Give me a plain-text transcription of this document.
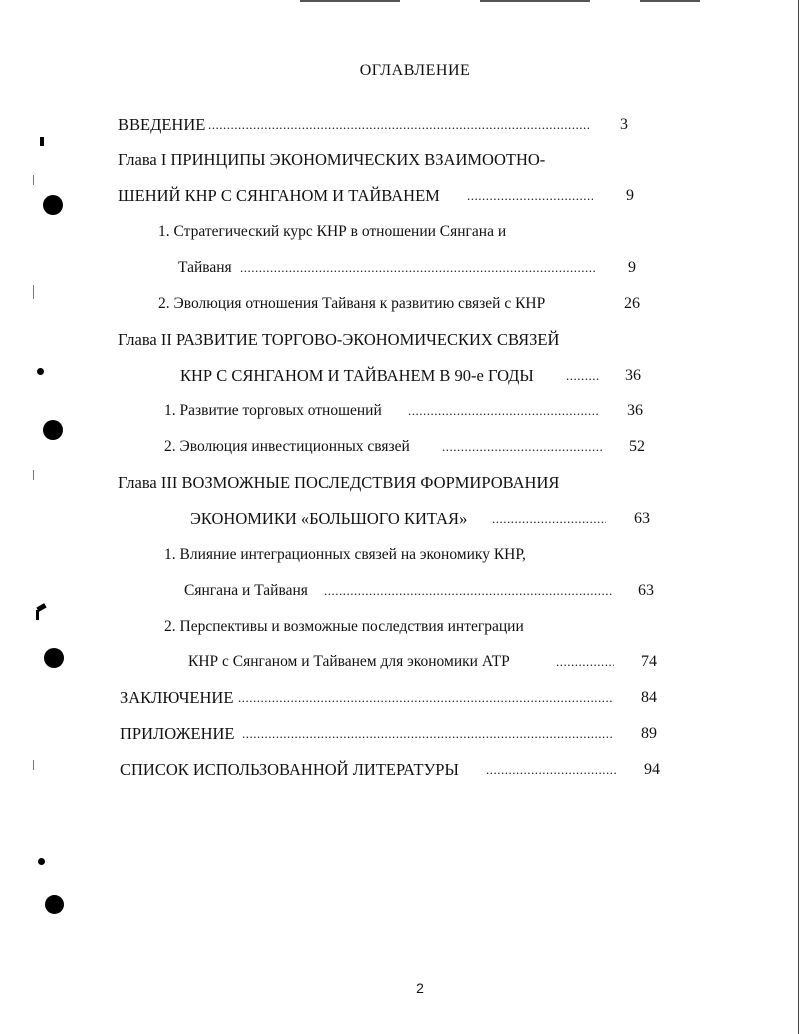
ОГЛАВЛЕНИЕ
ВВЕДЕНИЕ .....	3
Глава I ПРИНЦИПЫ ЭКОНОМИЧЕСКИХ ВЗАИМООТНО-
ШЕНИЙ КНР С СЯНГАНОМ И ТАЙВАНЕМ .....	9
1. Стратегический курс КНР в отношении Сянгана и
Тайваня .....	9
2. Эволюция отношения Тайваня к развитию связей с КНР	26
Глава II РАЗВИТИЕ ТОРГОВО-ЭКОНОМИЧЕСКИХ СВЯЗЕЙ
КНР С СЯНГАНОМ И ТАЙВАНЕМ В 90-е ГОДЫ .....	36
1. Развитие торговых отношений .....	36
2. Эволюция инвестиционных связей .....	52
Глава III ВОЗМОЖНЫЕ ПОСЛЕДСТВИЯ ФОРМИРОВАНИЯ
ЭКОНОМИКИ «БОЛЬШОГО КИТАЯ» .....	63
1. Влияние интеграционных связей на экономику КНР,
Сянгана и Тайваня .....	63
2. Перспективы и возможные последствия интеграции
КНР с Сянганом и Тайванем для экономики АТР .....	74
ЗАКЛЮЧЕНИЕ .....	84
ПРИЛОЖЕНИЕ .....	89
СПИСОК ИСПОЛЬЗОВАННОЙ ЛИТЕРАТУРЫ .....	94
2
